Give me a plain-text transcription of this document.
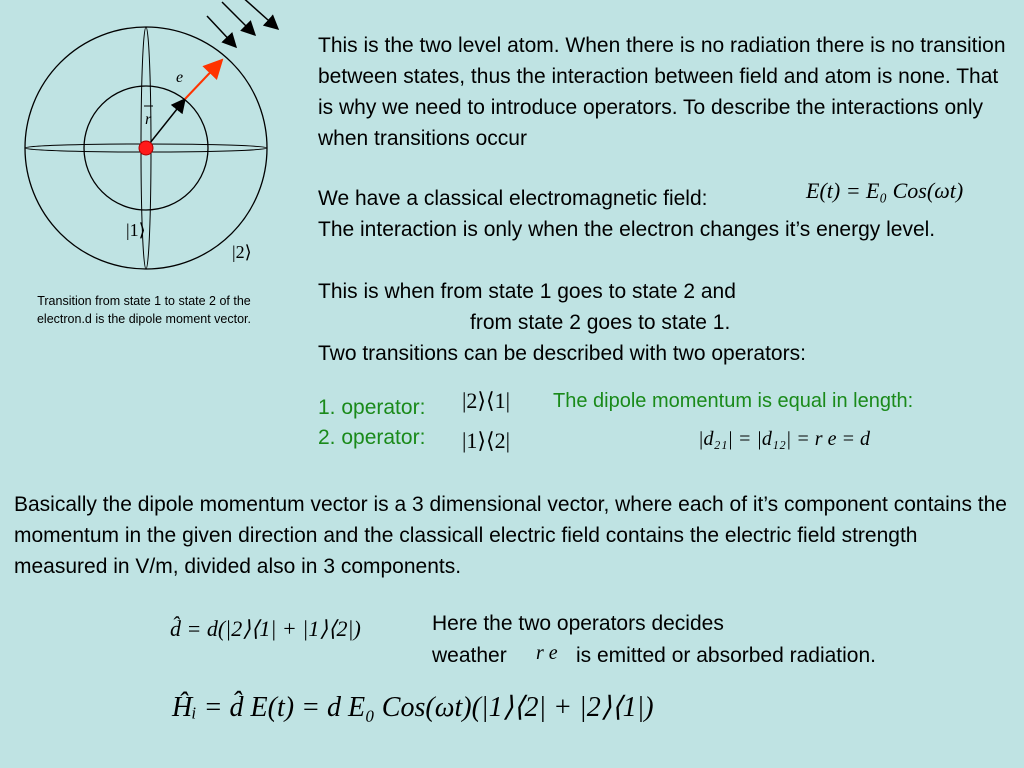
e
r
|1⟩
|2⟩
Transition from state 1 to state 2 of the electron.d is the dipole moment vector.
This is the two level atom. When there is no radiation there is no transition between states, thus the interaction between field and atom is none. That is why we need to introduce operators. To describe the interactions only when transitions occur
We have a classical electromagnetic field:	E(t) = E₀ Cos(ωt)
The interaction is only when the electron changes it’s energy level.
This is when from state 1 goes to state 2 and
from state 2 goes to state 1.
Two transitions can be described with two operators:
1. operator:
2. operator:
|2⟩⟨1|
|1⟩⟨2|
The dipole momentum is equal in length:
|d₂₁| = |d₁₂| = r e = d
Basically the dipole momentum vector is a 3 dimensional vector, where each of it’s component contains the momentum in the given direction and the classicall electric field contains the electric field strength measured in V/m, divided also in 3 components.
d̂ = d(|2⟩⟨1| + |1⟩⟨2|)	Here the two operators decides
weather r e is emitted or absorbed radiation.
Ĥᵢ = d̂ E(t) = d E₀ Cos(ωt)(|1⟩⟨2| + |2⟩⟨1|)
